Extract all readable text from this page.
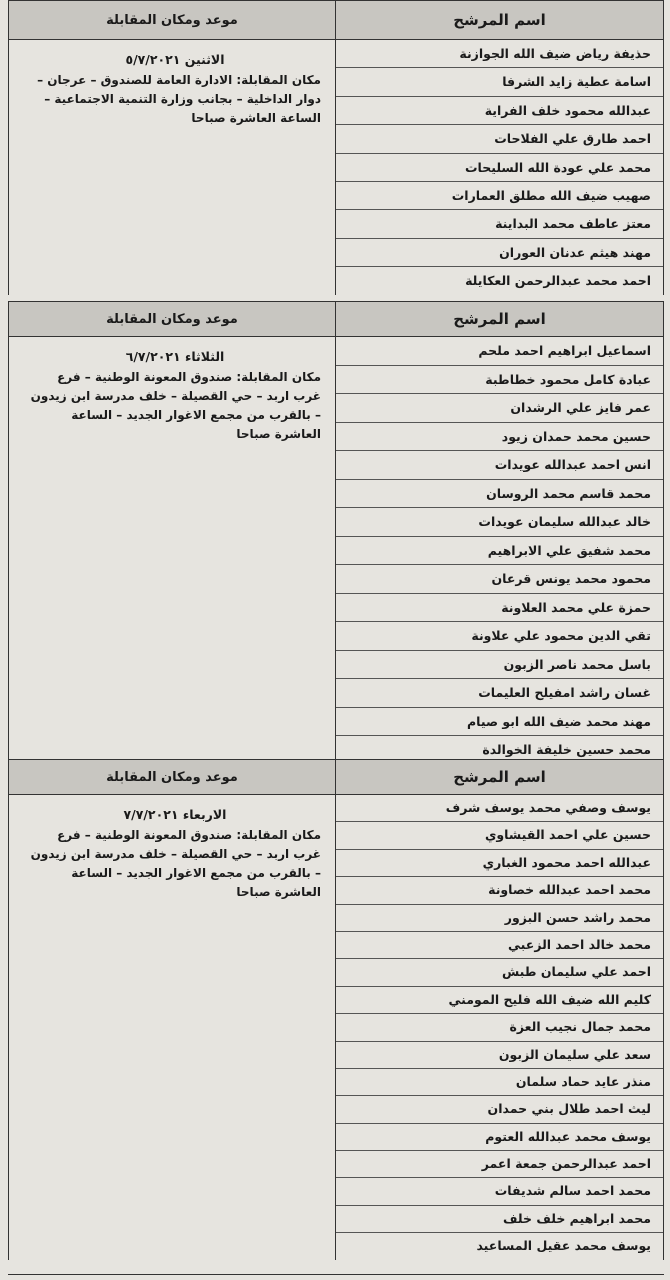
اسم المرشح
موعد ومكان المقابلة
حذيفة رياض ضيف الله الجوازنة
اسامة عطية زايد الشرفا
عبدالله محمود خلف الفراية
احمد طارق علي الفلاحات
محمد علي عودة الله السليحات
صهيب ضيف الله مطلق العمارات
معتز عاطف محمد البداينة
مهند هيثم عدنان العوران
احمد محمد عبدالرحمن العكايلة
الاثنين ٥/٧/٢٠٢١
مكان المقابلة: الادارة العامة للصندوق – عرجان – دوار الداخلية – بجانب وزارة التنمية الاجتماعية – الساعة العاشرة صباحا
اسم المرشح
موعد ومكان المقابلة
اسماعيل ابراهيم احمد ملحم
عبادة كامل محمود خطاطبة
عمر فايز علي الرشدان
حسين محمد حمدان زيود
انس احمد عبدالله عويدات
محمد قاسم محمد الروسان
خالد عبدالله سليمان عويدات
محمد شفيق علي الابراهيم
محمود محمد يونس قرعان
حمزة علي محمد العلاونة
تقي الدين محمود علي علاونة
باسل محمد ناصر الزبون
غسان راشد امفيلح العليمات
مهند محمد ضيف الله ابو صيام
محمد حسين خليفة الخوالدة
الثلاثاء ٦/٧/٢٠٢١
مكان المقابلة: صندوق المعونة الوطنية – فرع غرب اربد – حي القصيلة – خلف مدرسة ابن زيدون – بالقرب من مجمع الاغوار الجديد – الساعة العاشرة صباحا
اسم المرشح
موعد ومكان المقابلة
يوسف وصفي محمد يوسف شرف
حسين علي احمد القيشاوي
عبدالله احمد محمود الغباري
محمد احمد عبدالله خصاونة
محمد راشد حسن البزور
محمد خالد احمد الزعبي
احمد علي سليمان طبش
كليم الله ضيف الله فليح المومني
محمد جمال نجيب العزة
سعد علي سليمان الزبون
منذر عايد حماد سلمان
ليث احمد طلال بني حمدان
يوسف محمد عبدالله العتوم
احمد عبدالرحمن جمعة اعمر
محمد احمد سالم شديفات
محمد ابراهيم خلف خلف
يوسف محمد عقيل المساعيد
الاربعاء ٧/٧/٢٠٢١
مكان المقابلة: صندوق المعونة الوطنية – فرع غرب اربد – حي القصيلة – خلف مدرسة ابن زيدون – بالقرب من مجمع الاغوار الجديد – الساعة العاشرة صباحا
